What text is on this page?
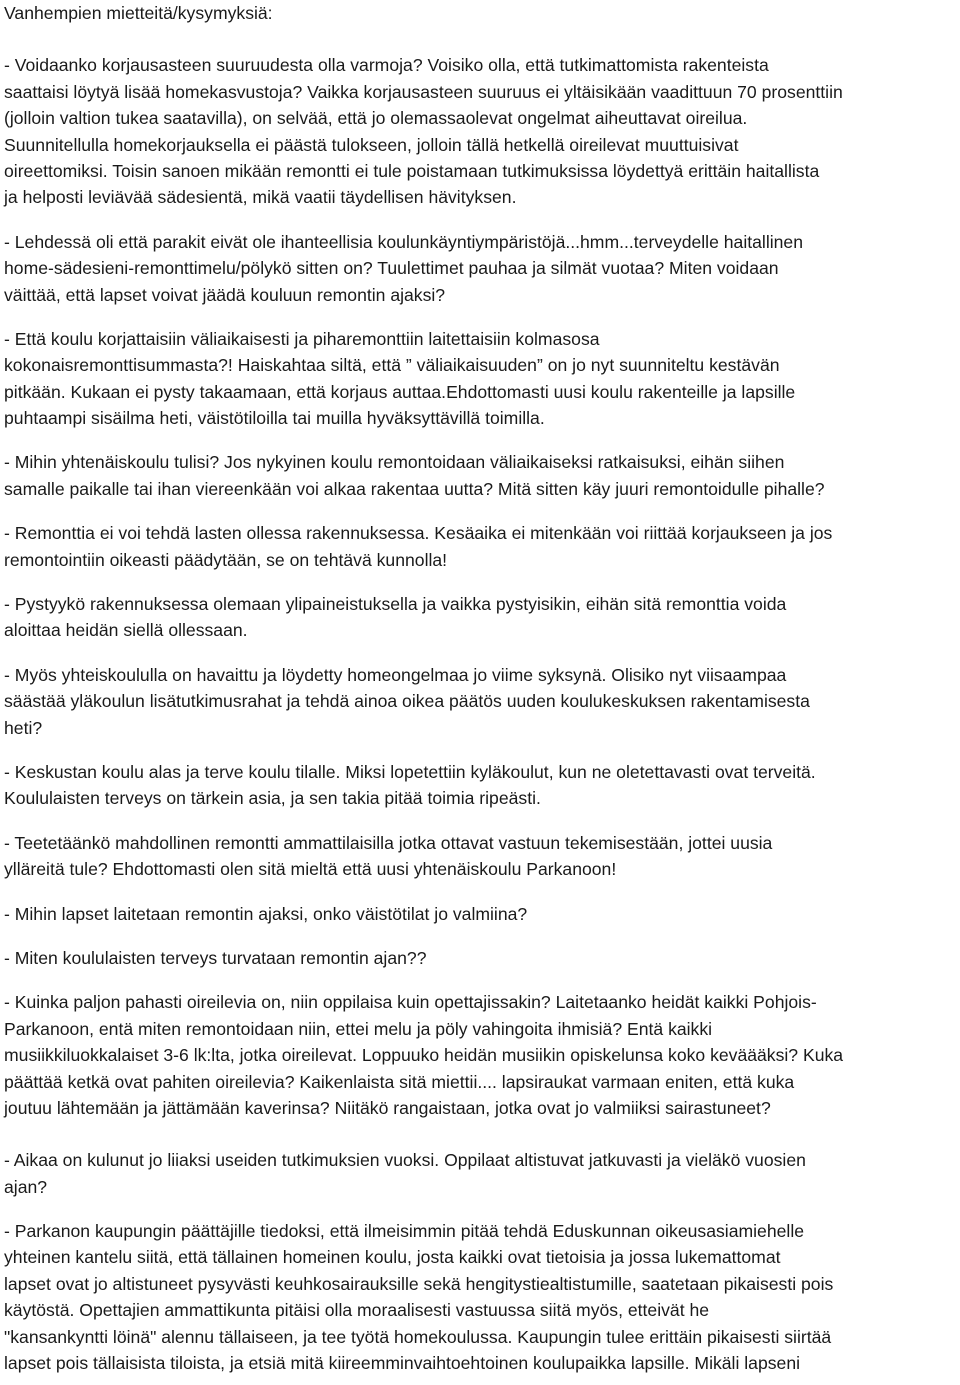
Vanhempien mietteitä/kysymyksiä:
- Voidaanko korjausasteen suuruudesta olla varmoja? Voisiko olla, että tutkimattomista rakenteista
saattaisi löytyä lisää homekasvustoja? Vaikka korjausasteen suuruus ei yltäisikään vaadittuun 70 prosenttiin
(jolloin valtion tukea saatavilla), on selvää, että jo olemassaolevat ongelmat aiheuttavat oireilua.
Suunnitellulla homekorjauksella ei päästä tulokseen, jolloin tällä hetkellä oireilevat muuttuisivat
oireettomiksi. Toisin sanoen mikään remontti ei tule poistamaan tutkimuksissa löydettyä erittäin haitallista
ja helposti leviävää sädesientä, mikä vaatii täydellisen hävityksen.
- Lehdessä oli että parakit eivät ole ihanteellisia koulunkäyntiympäristöjä...hmm...terveydelle haitallinen
home-sädesieni-remonttimelu/pölykö sitten on? Tuulettimet pauhaa ja silmät vuotaa? Miten voidaan
väittää, että lapset voivat jäädä kouluun remontin ajaksi?
- Että koulu korjattaisiin väliaikaisesti ja piharemonttiin laitettaisiin kolmasosa
kokonaisremonttisummasta?! Haiskahtaa siltä, että ” väliaikaisuuden” on jo nyt suunniteltu kestävän
pitkään. Kukaan ei pysty takaamaan, että korjaus auttaa.Ehdottomasti uusi koulu rakenteille ja lapsille
puhtaampi sisäilma heti, väistötiloilla tai muilla hyväksyttävillä toimilla.
- Mihin yhtenäiskoulu tulisi? Jos nykyinen koulu remontoidaan väliaikaiseksi ratkaisuksi, eihän siihen
samalle paikalle tai ihan viereenkään voi alkaa rakentaa uutta? Mitä sitten käy juuri remontoidulle pihalle?
- Remonttia ei voi tehdä lasten ollessa rakennuksessa. Kesäaika ei mitenkään voi riittää korjaukseen ja jos
remontointiin oikeasti päädytään, se on tehtävä kunnolla!
- Pystyykö rakennuksessa olemaan ylipaineistuksella ja vaikka pystyisikin, eihän sitä remonttia voida
aloittaa heidän siellä ollessaan.
- Myös yhteiskoululla on havaittu ja löydetty homeongelmaa jo viime syksynä. Olisiko nyt viisaampaa
säästää yläkoulun lisätutkimusrahat ja tehdä ainoa oikea päätös uuden koulukeskuksen rakentamisesta
heti?
- Keskustan koulu alas ja terve koulu tilalle. Miksi lopetettiin kyläkoulut, kun ne oletettavasti ovat terveitä.
Koululaisten terveys on tärkein asia, ja sen takia pitää toimia ripeästi.
- Teetetäänkö mahdollinen remontti ammattilaisilla jotka ottavat vastuun tekemisestään, jottei uusia
ylläreitä tule? Ehdottomasti olen sitä mieltä että uusi yhtenäiskoulu Parkanoon!
- Mihin lapset laitetaan remontin ajaksi, onko väistötilat jo valmiina?
- Miten koululaisten terveys turvataan remontin ajan??
- Kuinka paljon pahasti oireilevia on, niin oppilaisa kuin opettajissakin? Laitetaanko heidät kaikki Pohjois-
Parkanoon, entä miten remontoidaan niin, ettei melu ja pöly vahingoita ihmisiä? Entä kaikki
musiikkiluokkalaiset 3-6 lk:lta, jotka oireilevat. Loppuuko heidän musiikin opiskelunsa koko keväääksi? Kuka
päättää ketkä ovat pahiten oireilevia? Kaikenlaista sitä miettii.... lapsiraukat varmaan eniten, että kuka
joutuu lähtemään ja jättämään kaverinsa? Niitäkö rangaistaan, jotka ovat jo valmiiksi sairastuneet?
- Aikaa on kulunut jo liiaksi useiden tutkimuksien vuoksi. Oppilaat altistuvat jatkuvasti ja vieläkö vuosien
ajan?
- Parkanon kaupungin päättäjille tiedoksi, että ilmeisimmin pitää tehdä Eduskunnan oikeusasiamiehelle
yhteinen kantelu siitä, että tällainen homeinen koulu, josta kaikki ovat tietoisia ja jossa lukemattomat
lapset ovat jo altistuneet pysyvästi keuhkosairauksille sekä hengitystiealtistumille, saatetaan pikaisesti pois
käytöstä. Opettajien ammattikunta pitäisi olla moraalisesti vastuussa siitä myös, etteivät he
"kansankyntti löinä" alennu tällaiseen, ja tee työtä homekoulussa. Kaupungin tulee erittäin pikaisesti siirtää
lapset pois tällaisista tiloista, ja etsiä mitä kiireemminvaihtoehtoinen koulupaikka lapsille. Mikäli lapseni
